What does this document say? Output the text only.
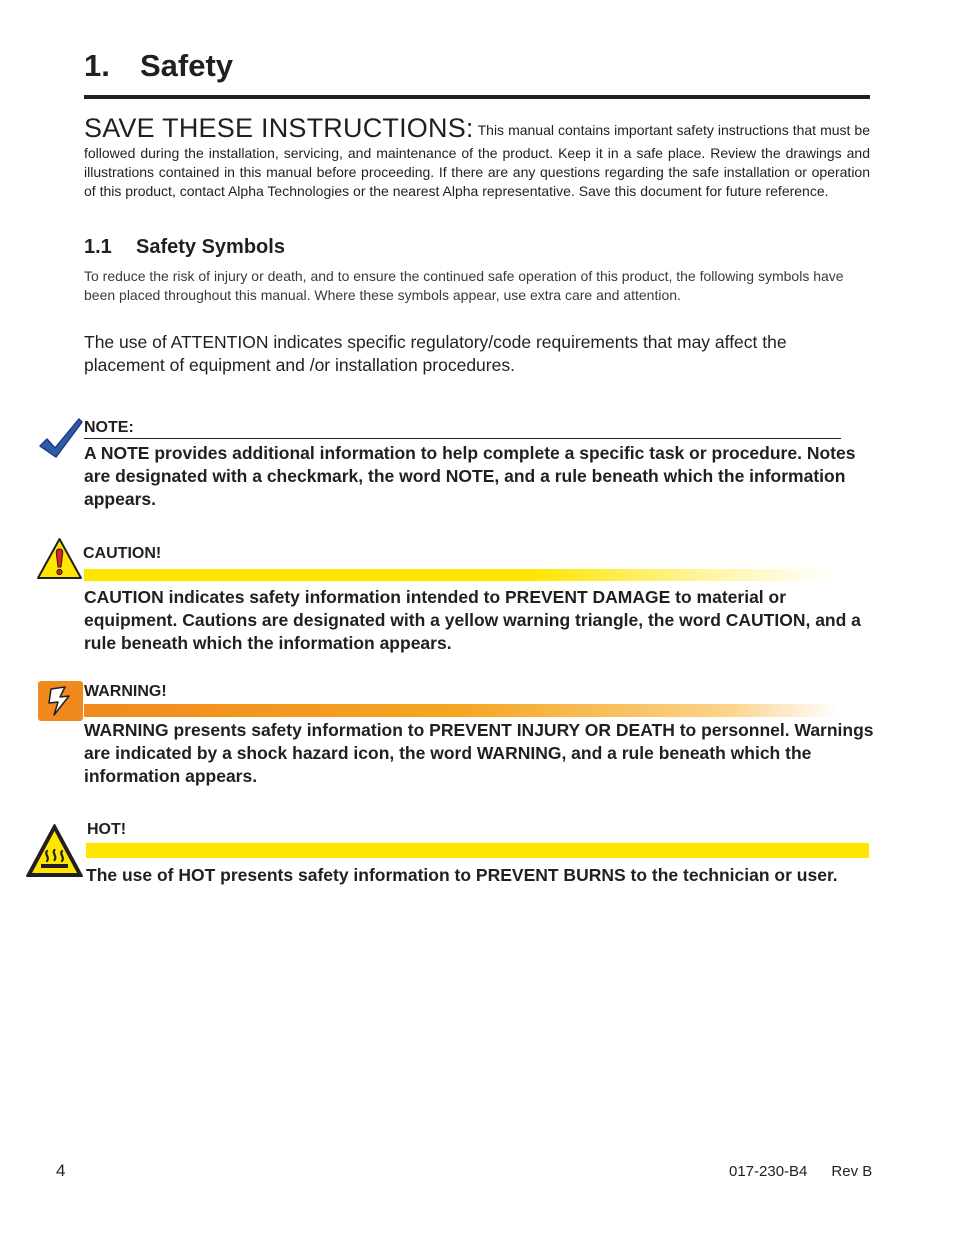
1. Safety

SAVE THESE INSTRUCTIONS: This manual contains important safety instructions that must be followed during the installation, servicing, and maintenance of the product. Keep it in a safe place. Review the drawings and illustrations contained in this manual before proceeding. If there are any questions regarding the safe installation or operation of this product, contact Alpha Technologies or the nearest Alpha representative. Save this document for future reference.

1.1 Safety Symbols

To reduce the risk of injury or death, and to ensure the continued safe operation of this product, the following symbols have been placed throughout this manual. Where these symbols appear, use extra care and attention.

The use of ATTENTION indicates specific regulatory/code requirements that may affect the placement of equipment and /or installation procedures.

NOTE:

A NOTE provides additional information to help complete a specific task or procedure. Notes are designated with a checkmark, the word NOTE, and a rule beneath which the information appears.

CAUTION!

CAUTION indicates safety information intended to PREVENT DAMAGE to material or equipment. Cautions are designated with a yellow warning triangle, the word CAUTION, and a rule beneath which the information appears.

WARNING!

WARNING presents safety information to PREVENT INJURY OR DEATH to personnel. Warnings are indicated by a shock hazard icon, the word WARNING, and a rule beneath which the information appears.

HOT!

The use of HOT presents safety information to PREVENT BURNS to the technician or user.

4	017-230-B4 Rev B
